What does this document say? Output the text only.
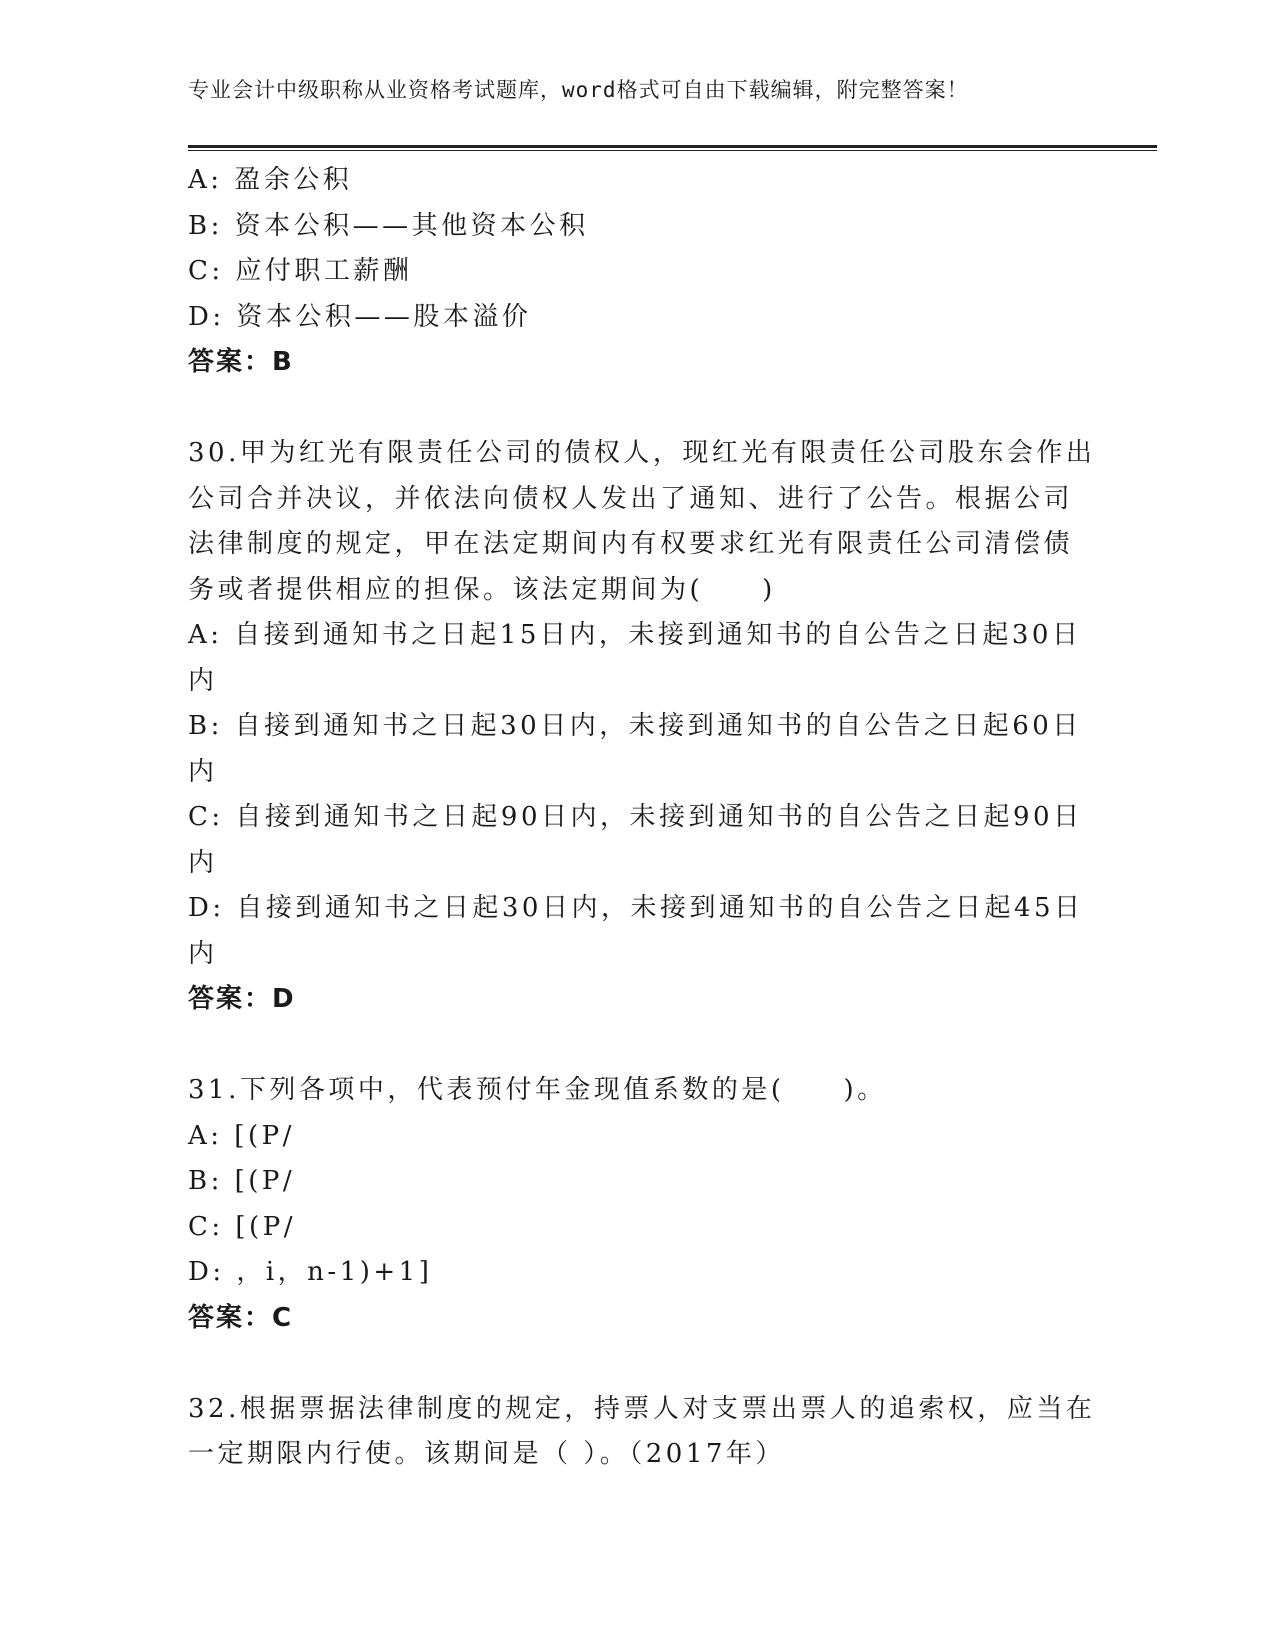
专业会计中级职称从业资格考试题库，word格式可自由下载编辑，附完整答案！
A: 盈余公积
B: 资本公积——其他资本公积
C: 应付职工薪酬
D: 资本公积——股本溢价
答案：B
30.甲为红光有限责任公司的债权人，现红光有限责任公司股东会作出
公司合并决议，并依法向债权人发出了通知、进行了公告。根据公司
法律制度的规定，甲在法定期间内有权要求红光有限责任公司清偿债
务或者提供相应的担保。该法定期间为(　　)
A: 自接到通知书之日起15日内，未接到通知书的自公告之日起30日
内
B: 自接到通知书之日起30日内，未接到通知书的自公告之日起60日
内
C: 自接到通知书之日起90日内，未接到通知书的自公告之日起90日
内
D: 自接到通知书之日起30日内，未接到通知书的自公告之日起45日
内
答案：D
31.下列各项中，代表预付年金现值系数的是(　　)。
A: [(P/
B: [(P/
C: [(P/
D: ，i，n-1)+1]
答案：C
32.根据票据法律制度的规定，持票人对支票出票人的追索权，应当在
一定期限内行使。该期间是（ ）。（2017年）
